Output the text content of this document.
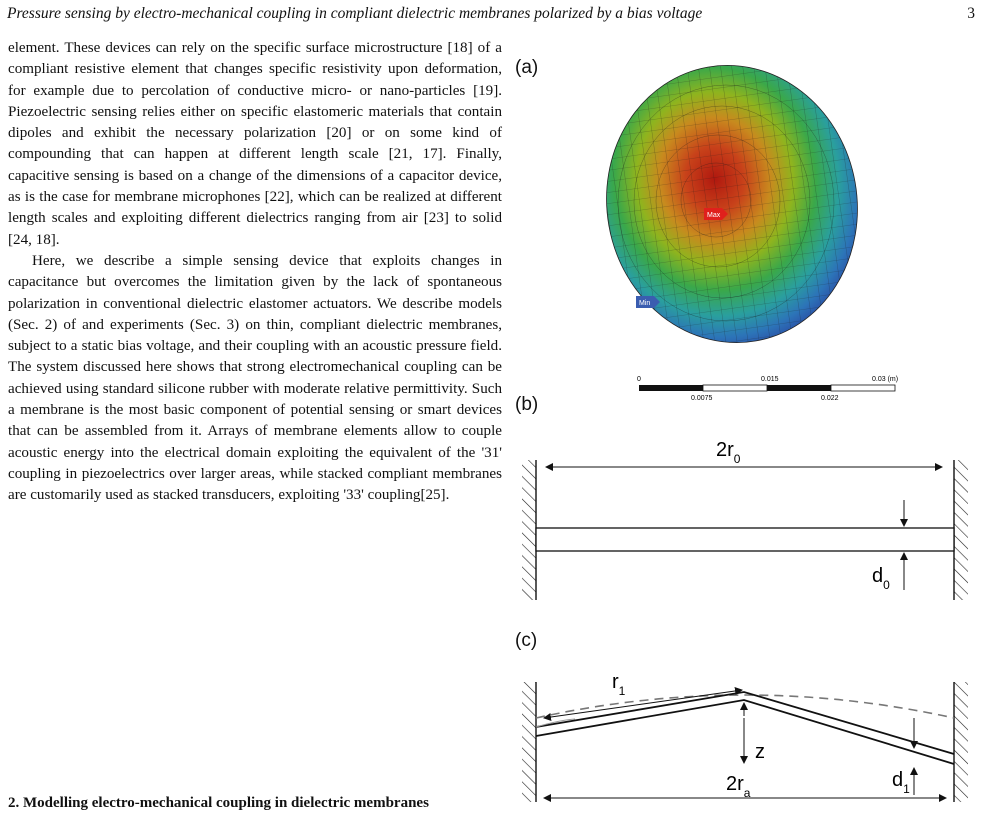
Pressure sensing by electro-mechanical coupling in compliant dielectric membranes polarized by a bias voltage	3

element. These devices can rely on the specific surface microstructure [18] of a compliant resistive element that changes specific resistivity upon deformation, for example due to percolation of conductive micro- or nano-particles [19]. Piezoelectric sensing relies either on specific elastomeric materials that contain dipoles and exhibit the necessary polarization [20] or on some kind of compounding that can happen at different length scale [21, 17]. Finally, capacitive sensing is based on a change of the dimensions of a capacitor device, as is the case for membrane microphones [22], which can be realized at different length scales and exploiting different dielectrics ranging from air [23] to solid [24, 18].

Here, we describe a simple sensing device that exploits changes in capacitance but overcomes the limitation given by the lack of spontaneous polarization in conventional dielectric elastomer actuators. We describe models (Sec. 2) of and experiments (Sec. 3) on thin, compliant dielectric membranes, subject to a static bias voltage, and their coupling with an acoustic pressure field. The system discussed here shows that strong electromechanical coupling can be achieved using standard silicone rubber with moderate relative permittivity. Such a membrane is the most basic component of potential sensing or smart devices that can be assembled from it. Arrays of membrane elements allow to couple acoustic energy into the electrical domain exploiting the equivalent of the '31' coupling in piezoelectrics over larger areas, while stacked compliant membranes are customarily used as stacked transducers, exploiting '33' coupling[25].

2. Modelling electro-mechanical coupling in dielectric membranes
(a)
(b)
(c)
Max
Min
0	0.015	0.03 (m)
0.0075	0.022
$2r_0$
$d_0$
$r_1$
z
$d_1$
$2r_a$
